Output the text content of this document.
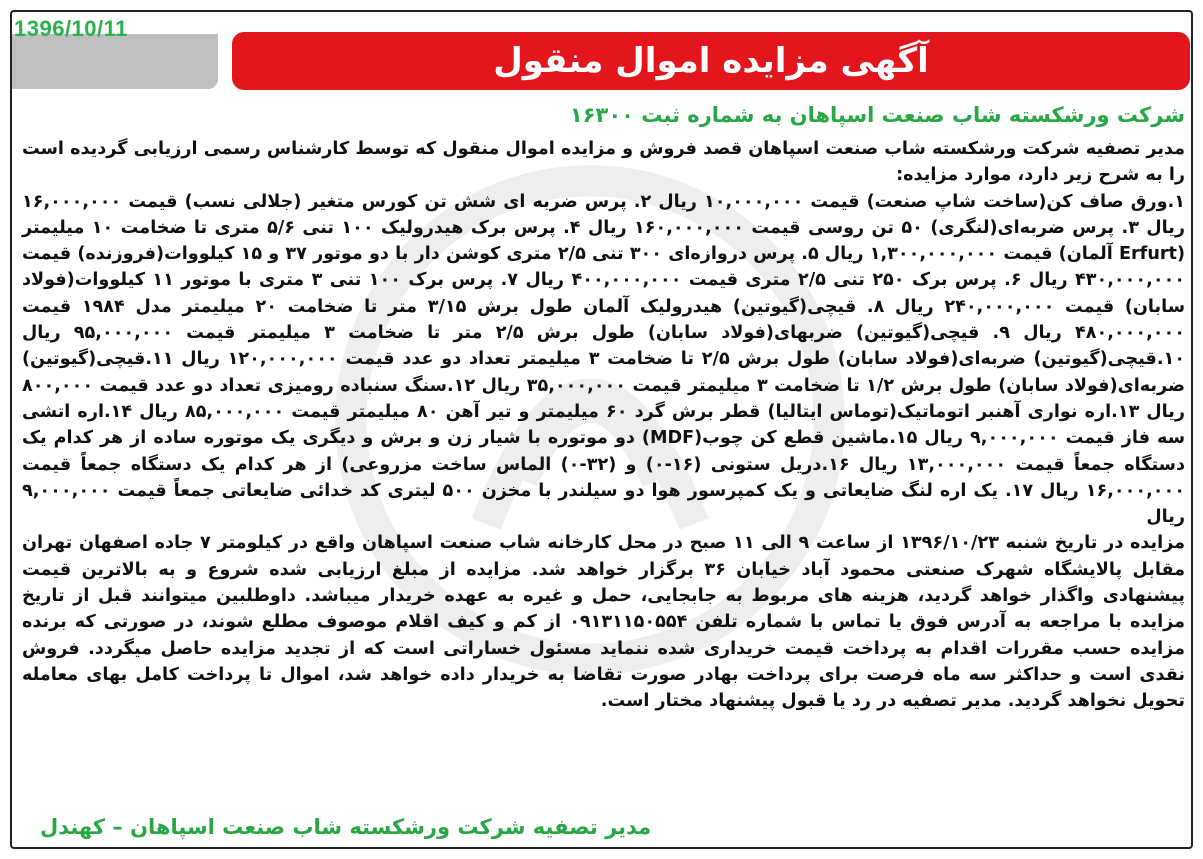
1396/10/11
آگهی مزایده اموال منقول
شرکت ورشکسته شاب صنعت اسپاهان به شماره ثبت ۱۶۳۰۰

مدیر تصفیه شرکت ورشکسته شاب صنعت اسپاهان قصد فروش و مزایده اموال منقول که توسط کارشناس رسمی ارزیابی گردیده است را به شرح زیر دارد، موارد مزایده:

۱.ورق صاف کن(ساخت شاپ صنعت) قیمت ۱۰,۰۰۰,۰۰۰ ریال ۲. پرس ضربه ای شش تن کورس متغیر (جلالی نسب) قیمت ۱۶,۰۰۰,۰۰۰ ریال ۳. پرس ضربه‌ای(لنگری) ۵۰ تن روسی قیمت ۱۶۰,۰۰۰,۰۰۰ ریال ۴. پرس برک هیدرولیک ۱۰۰ تنی ۵/۶ متری تا ضخامت ۱۰ میلیمتر (Erfurt آلمان) قیمت ۱,۳۰۰,۰۰۰,۰۰۰ ریال ۵. پرس دروازه‌ای ۳۰۰ تنی ۲/۵ متری کوشن دار با دو موتور ۳۷ و ۱۵ کیلووات(فروزنده) قیمت ۴۳۰,۰۰۰,۰۰۰ ریال ۶. پرس برک ۲۵۰ تنی ۲/۵ متری قیمت ۴۰۰,۰۰۰,۰۰۰ ریال ۷. پرس برک ۱۰۰ تنی ۳ متری با موتور ۱۱ کیلووات(فولاد سابان) قیمت ۲۴۰,۰۰۰,۰۰۰ ریال ۸. قیچی(گیوتین) هیدرولیک آلمان طول برش ۳/۱۵ متر تا ضخامت ۲۰ میلیمتر مدل ۱۹۸۴ قیمت ۴۸۰,۰۰۰,۰۰۰ ریال ۹. قیچی(گیوتین) ضربهای(فولاد سابان) طول برش ۲/۵ متر تا ضخامت ۳ میلیمتر قیمت ۹۵,۰۰۰,۰۰۰ ریال ۱۰.قیچی(گیوتین) ضربه‌ای(فولاد سابان) طول برش ۲/۵ تا ضخامت ۳ میلیمتر تعداد دو عدد قیمت ۱۲۰,۰۰۰,۰۰۰ ریال ۱۱.قیچی(گیوتین) ضربه‌ای(فولاد سابان) طول برش ۱/۲ تا ضخامت ۳ میلیمتر قیمت ۳۵,۰۰۰,۰۰۰ ریال ۱۲.سنگ سنباده رومیزی تعداد دو عدد قیمت ۸۰۰,۰۰۰ ریال ۱۳.اره نواری آهنبر اتوماتیک(توماس ایتالیا) قطر برش گرد ۶۰ میلیمتر و تیر آهن ۸۰ میلیمتر قیمت ۸۵,۰۰۰,۰۰۰ ریال ۱۴.اره اتشی سه فاز قیمت ۹,۰۰۰,۰۰۰ ریال ۱۵.ماشین قطع کن چوب(MDF) دو موتوره با شیار زن و برش و دیگری یک موتوره ساده از هر کدام یک دستگاه جمعاً قیمت ۱۳,۰۰۰,۰۰۰ ریال ۱۶.دریل ستونی (۱۶-۰) و (۳۲-۰) الماس ساخت مزروعی) از هر کدام یک دستگاه جمعاً قیمت ۱۶,۰۰۰,۰۰۰ ریال ۱۷. یک اره لنگ ضایعاتی و یک کمپرسور هوا دو سیلندر با مخزن ۵۰۰ لیتری کد خدائی ضایعاتی جمعاً قیمت ۹,۰۰۰,۰۰۰ ریال

مزایده در تاریخ شنبه ۱۳۹۶/۱۰/۲۳ از ساعت ۹ الی ۱۱ صبح در محل کارخانه شاب صنعت اسپاهان واقع در کیلومتر ۷ جاده اصفهان تهران مقابل پالایشگاه شهرک صنعتی محمود آباد خیابان ۳۶ برگزار خواهد شد. مزایده از مبلغ ارزیابی شده شروع و به بالاترین قیمت پیشنهادی واگذار خواهد گردید، هزینه های مربوط به جابجایی، حمل و غیره به عهده خریدار میباشد. داوطلبین میتوانند قبل از تاریخ مزایده با مراجعه به آدرس فوق یا تماس با شماره تلفن ۰۹۱۳۱۱۵۰۵۵۴ از کم و کیف اقلام موصوف مطلع شوند، در صورتی که برنده مزایده حسب مقررات اقدام به پرداخت قیمت خریداری شده ننماید مسئول خساراتی است که از تجدید مزایده حاصل میگردد. فروش نقدی است و حداکثر سه ماه فرصت برای پرداخت بهادر صورت تقاضا به خریدار داده خواهد شد، اموال تا پرداخت کامل بهای معامله تحویل نخواهد گردید. مدیر تصفیه در رد یا قبول پیشنهاد مختار است.

مدیر تصفیه شرکت ورشکسته شاب صنعت اسپاهان – کهندل
